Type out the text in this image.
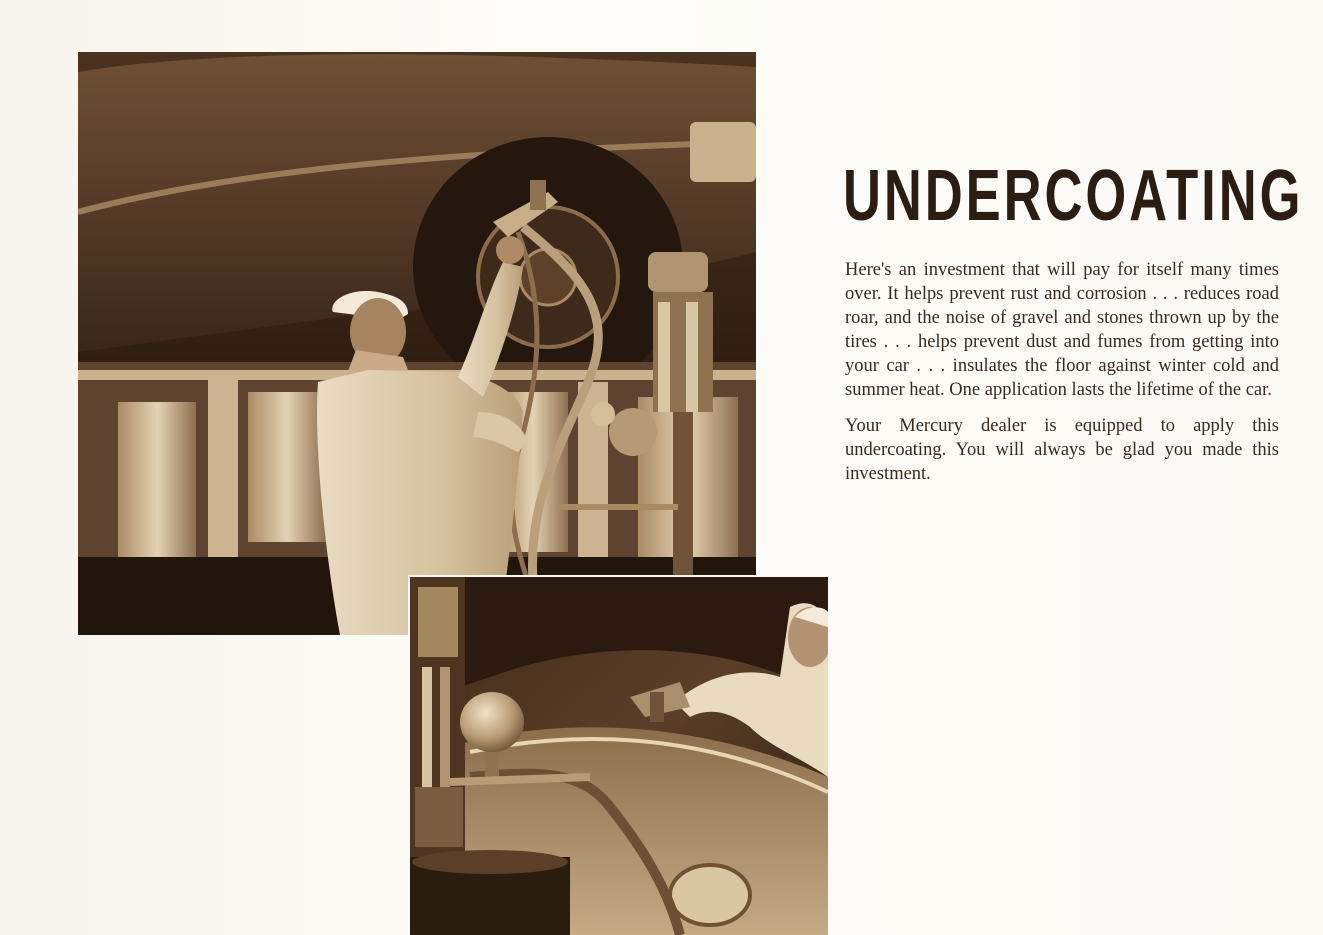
UNDERCOATING

Here's an investment that will pay for itself many times over. It helps prevent rust and corrosion . . . reduces road roar, and the noise of gravel and stones thrown up by the tires . . . helps prevent dust and fumes from getting into your car . . . insulates the floor against winter cold and summer heat. One application lasts the lifetime of the car.

Your Mercury dealer is equipped to apply this undercoating. You will always be glad you made this investment.
